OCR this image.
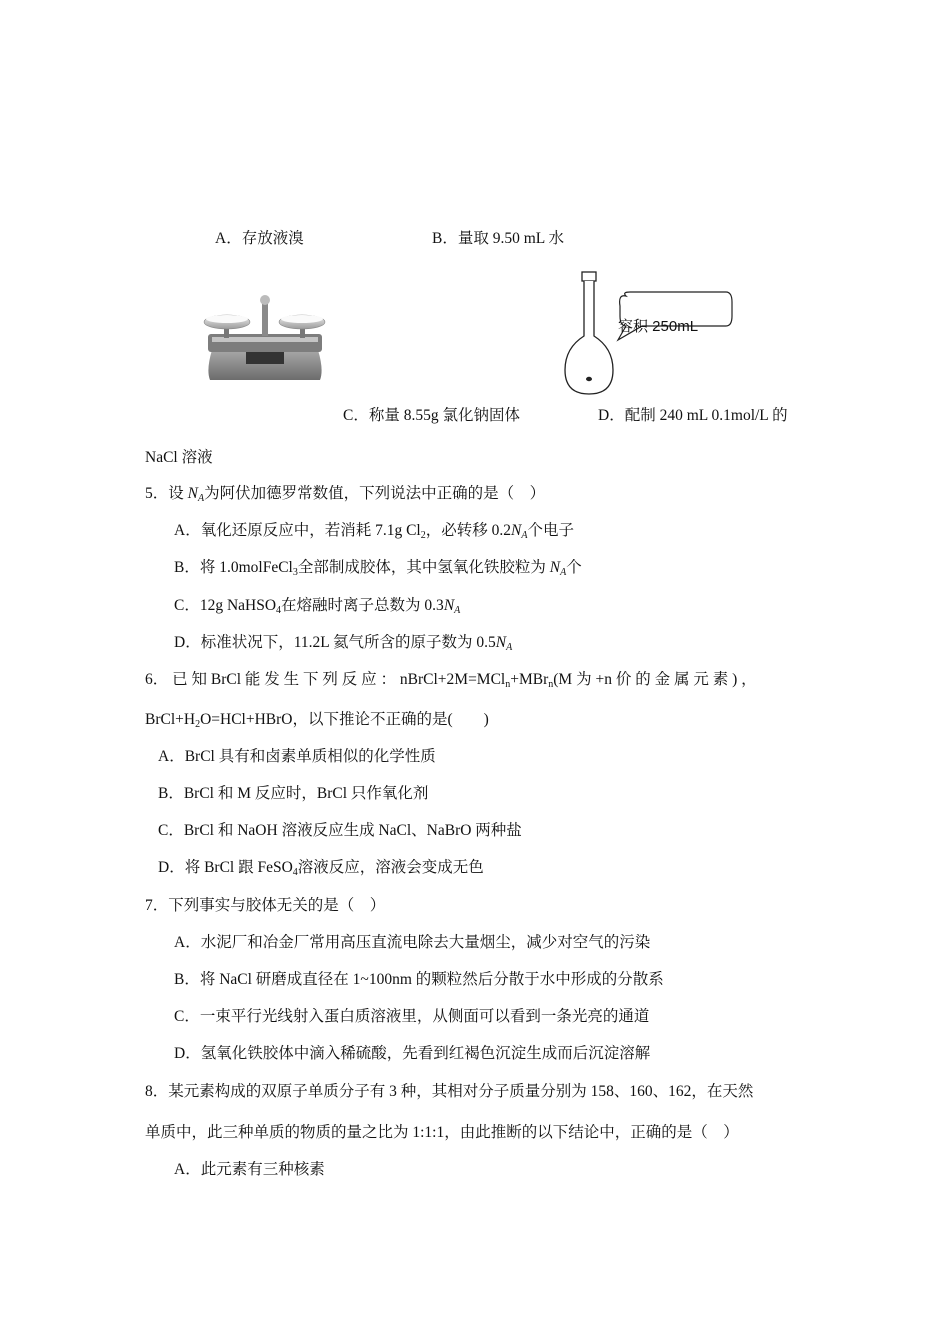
A．存放液溴	B．量取 9.50 mL 水
容积 250mL
C．称量 8.55g 氯化钠固体	D．配制 240 mL 0.1mol/L 的
NaCl 溶液
5．设 $N_A$为阿伏加德罗常数值，下列说法中正确的是（　）
A．氧化还原反应中，若消耗 7.1g $Cl_2$，必转移 $0.2N_A$个电子
B．将 1.0molFeCl$_3$全部制成胶体，其中氢氧化铁胶粒为 $N_A$个
C．12g NaHSO$_4$在熔融时离子总数为 $0.3N_A$
D．标准状况下，11.2L 氦气所含的原子数为 $0.5N_A$
6． 已 知 BrCl 能 发 生 下 列 反 应 ： nBrCl+2M=MCl$_n$+MBr$_n$(M 为 +n 价 的 金 属 元 素 ) ，
$BrCl+H_2O=HCl+HBrO$，以下推论不正确的是(　　)
A．BrCl 具有和卤素单质相似的化学性质
B．BrCl 和 M 反应时，BrCl 只作氧化剂
C．BrCl 和 NaOH 溶液反应生成 NaCl、NaBrO 两种盐
D．将 BrCl 跟 FeSO$_4$溶液反应，溶液会变成无色
7．下列事实与胶体无关的是（　）
A．水泥厂和冶金厂常用高压直流电除去大量烟尘，减少对空气的污染
B．将 NaCl 研磨成直径在 1~100nm 的颗粒然后分散于水中形成的分散系
C．一束平行光线射入蛋白质溶液里，从侧面可以看到一条光亮的通道
D．氢氧化铁胶体中滴入稀硫酸，先看到红褐色沉淀生成而后沉淀溶解
8．某元素构成的双原子单质分子有 3 种，其相对分子质量分别为 158、160、162，在天然
单质中，此三种单质的物质的量之比为 1:1:1，由此推断的以下结论中，正确的是（　）
A．此元素有三种核素
